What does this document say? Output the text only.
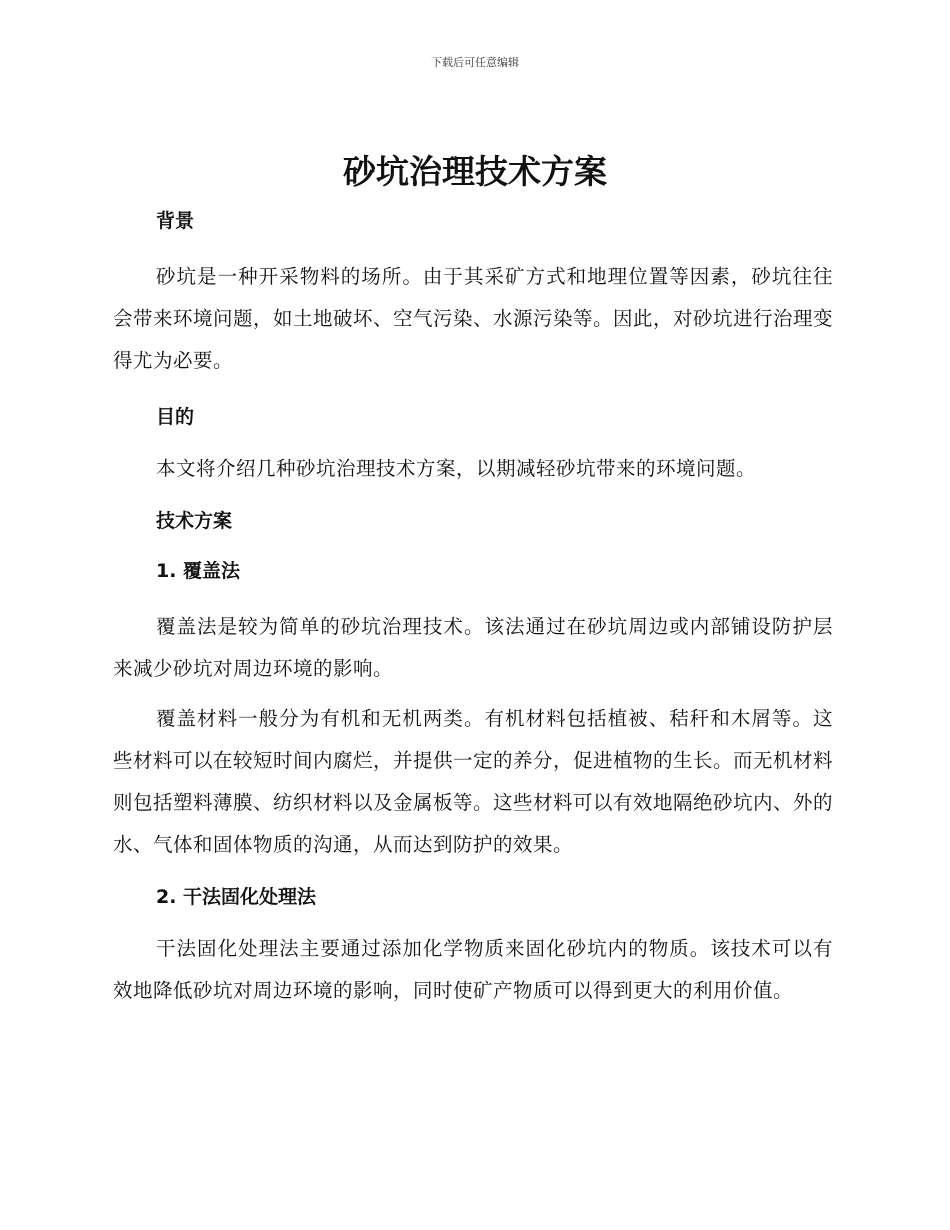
下载后可任意编辑
砂坑治理技术方案

背景

砂坑是一种开采物料的场所。由于其采矿方式和地理位置等因素，砂坑往往会带来环境问题，如土地破坏、空气污染、水源污染等。因此，对砂坑进行治理变得尤为必要。

目的

本文将介绍几种砂坑治理技术方案，以期减轻砂坑带来的环境问题。

技术方案

1. 覆盖法

覆盖法是较为简单的砂坑治理技术。该法通过在砂坑周边或内部铺设防护层来减少砂坑对周边环境的影响。

覆盖材料一般分为有机和无机两类。有机材料包括植被、秸秆和木屑等。这些材料可以在较短时间内腐烂，并提供一定的养分，促进植物的生长。而无机材料则包括塑料薄膜、纺织材料以及金属板等。这些材料可以有效地隔绝砂坑内、外的水、气体和固体物质的沟通，从而达到防护的效果。

2. 干法固化处理法

干法固化处理法主要通过添加化学物质来固化砂坑内的物质。该技术可以有效地降低砂坑对周边环境的影响，同时使矿产物质可以得到更大的利用价值。
